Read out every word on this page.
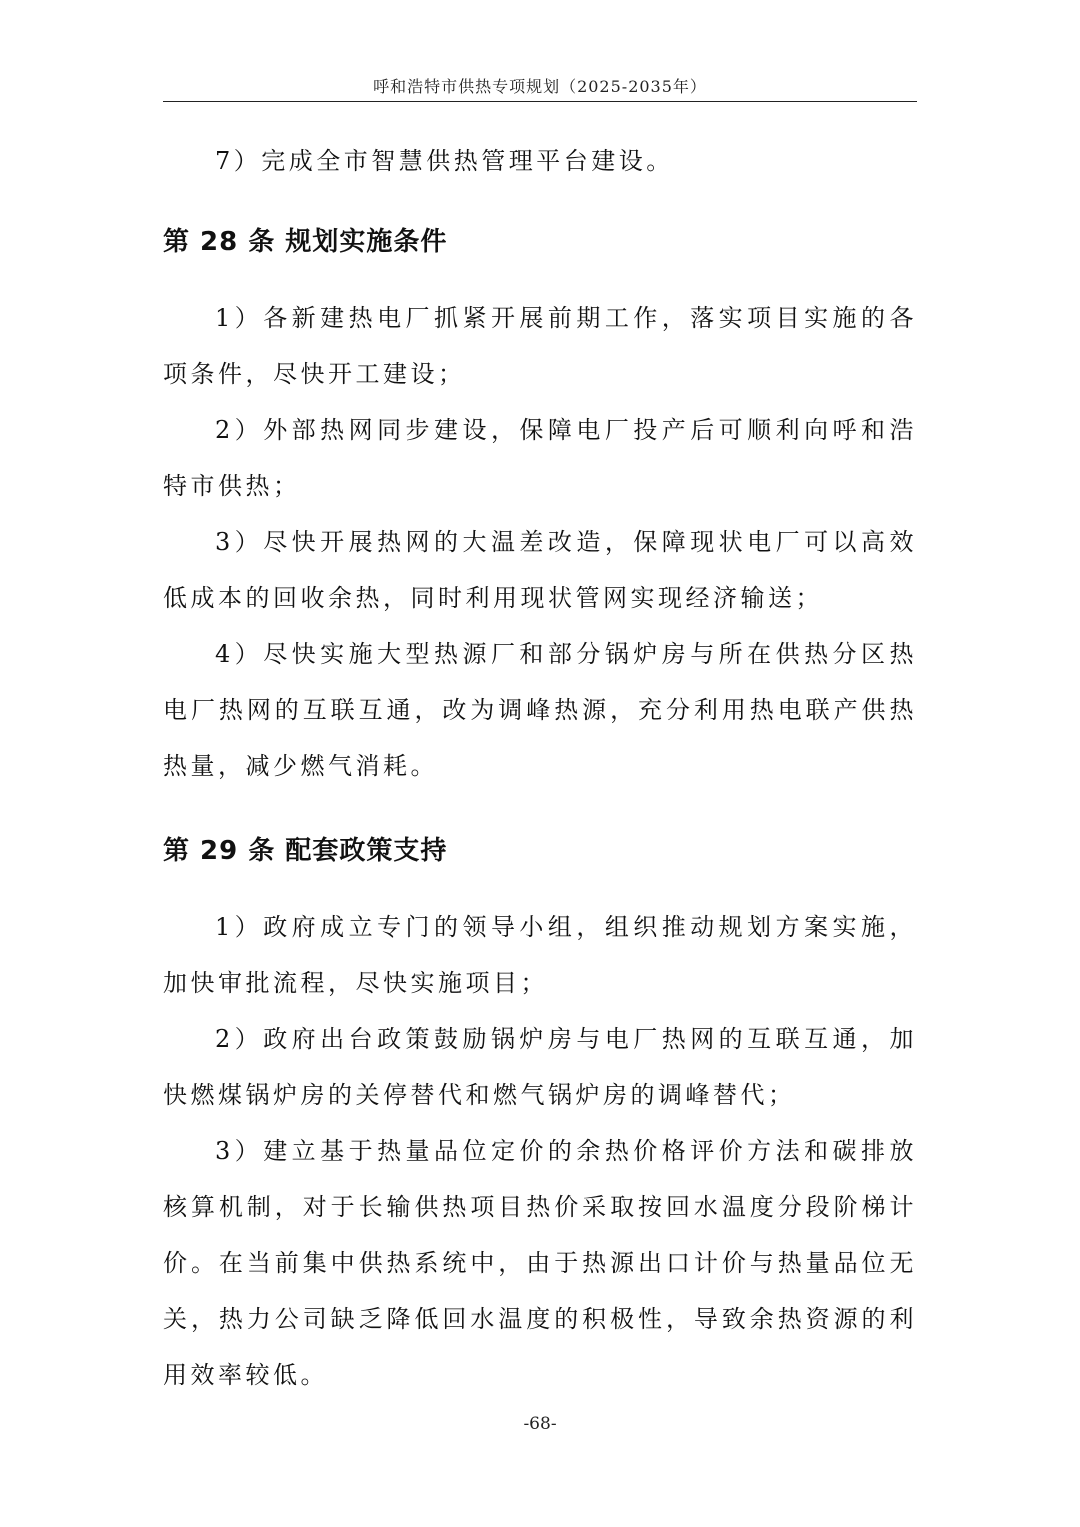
呼和浩特市供热专项规划（2025-2035年）

7）完成全市智慧供热管理平台建设。

第 28 条 规划实施条件

1）各新建热电厂抓紧开展前期工作，落实项目实施的各项条件，尽快开工建设；

2）外部热网同步建设，保障电厂投产后可顺利向呼和浩特市供热；

3）尽快开展热网的大温差改造，保障现状电厂可以高效低成本的回收余热，同时利用现状管网实现经济输送；

4）尽快实施大型热源厂和部分锅炉房与所在供热分区热电厂热网的互联互通，改为调峰热源，充分利用热电联产供热热量，减少燃气消耗。

第 29 条 配套政策支持

1）政府成立专门的领导小组，组织推动规划方案实施，加快审批流程，尽快实施项目；

2）政府出台政策鼓励锅炉房与电厂热网的互联互通，加快燃煤锅炉房的关停替代和燃气锅炉房的调峰替代；

3）建立基于热量品位定价的余热价格评价方法和碳排放核算机制，对于长输供热项目热价采取按回水温度分段阶梯计价。在当前集中供热系统中，由于热源出口计价与热量品位无关，热力公司缺乏降低回水温度的积极性，导致余热资源的利用效率较低。

-68-
